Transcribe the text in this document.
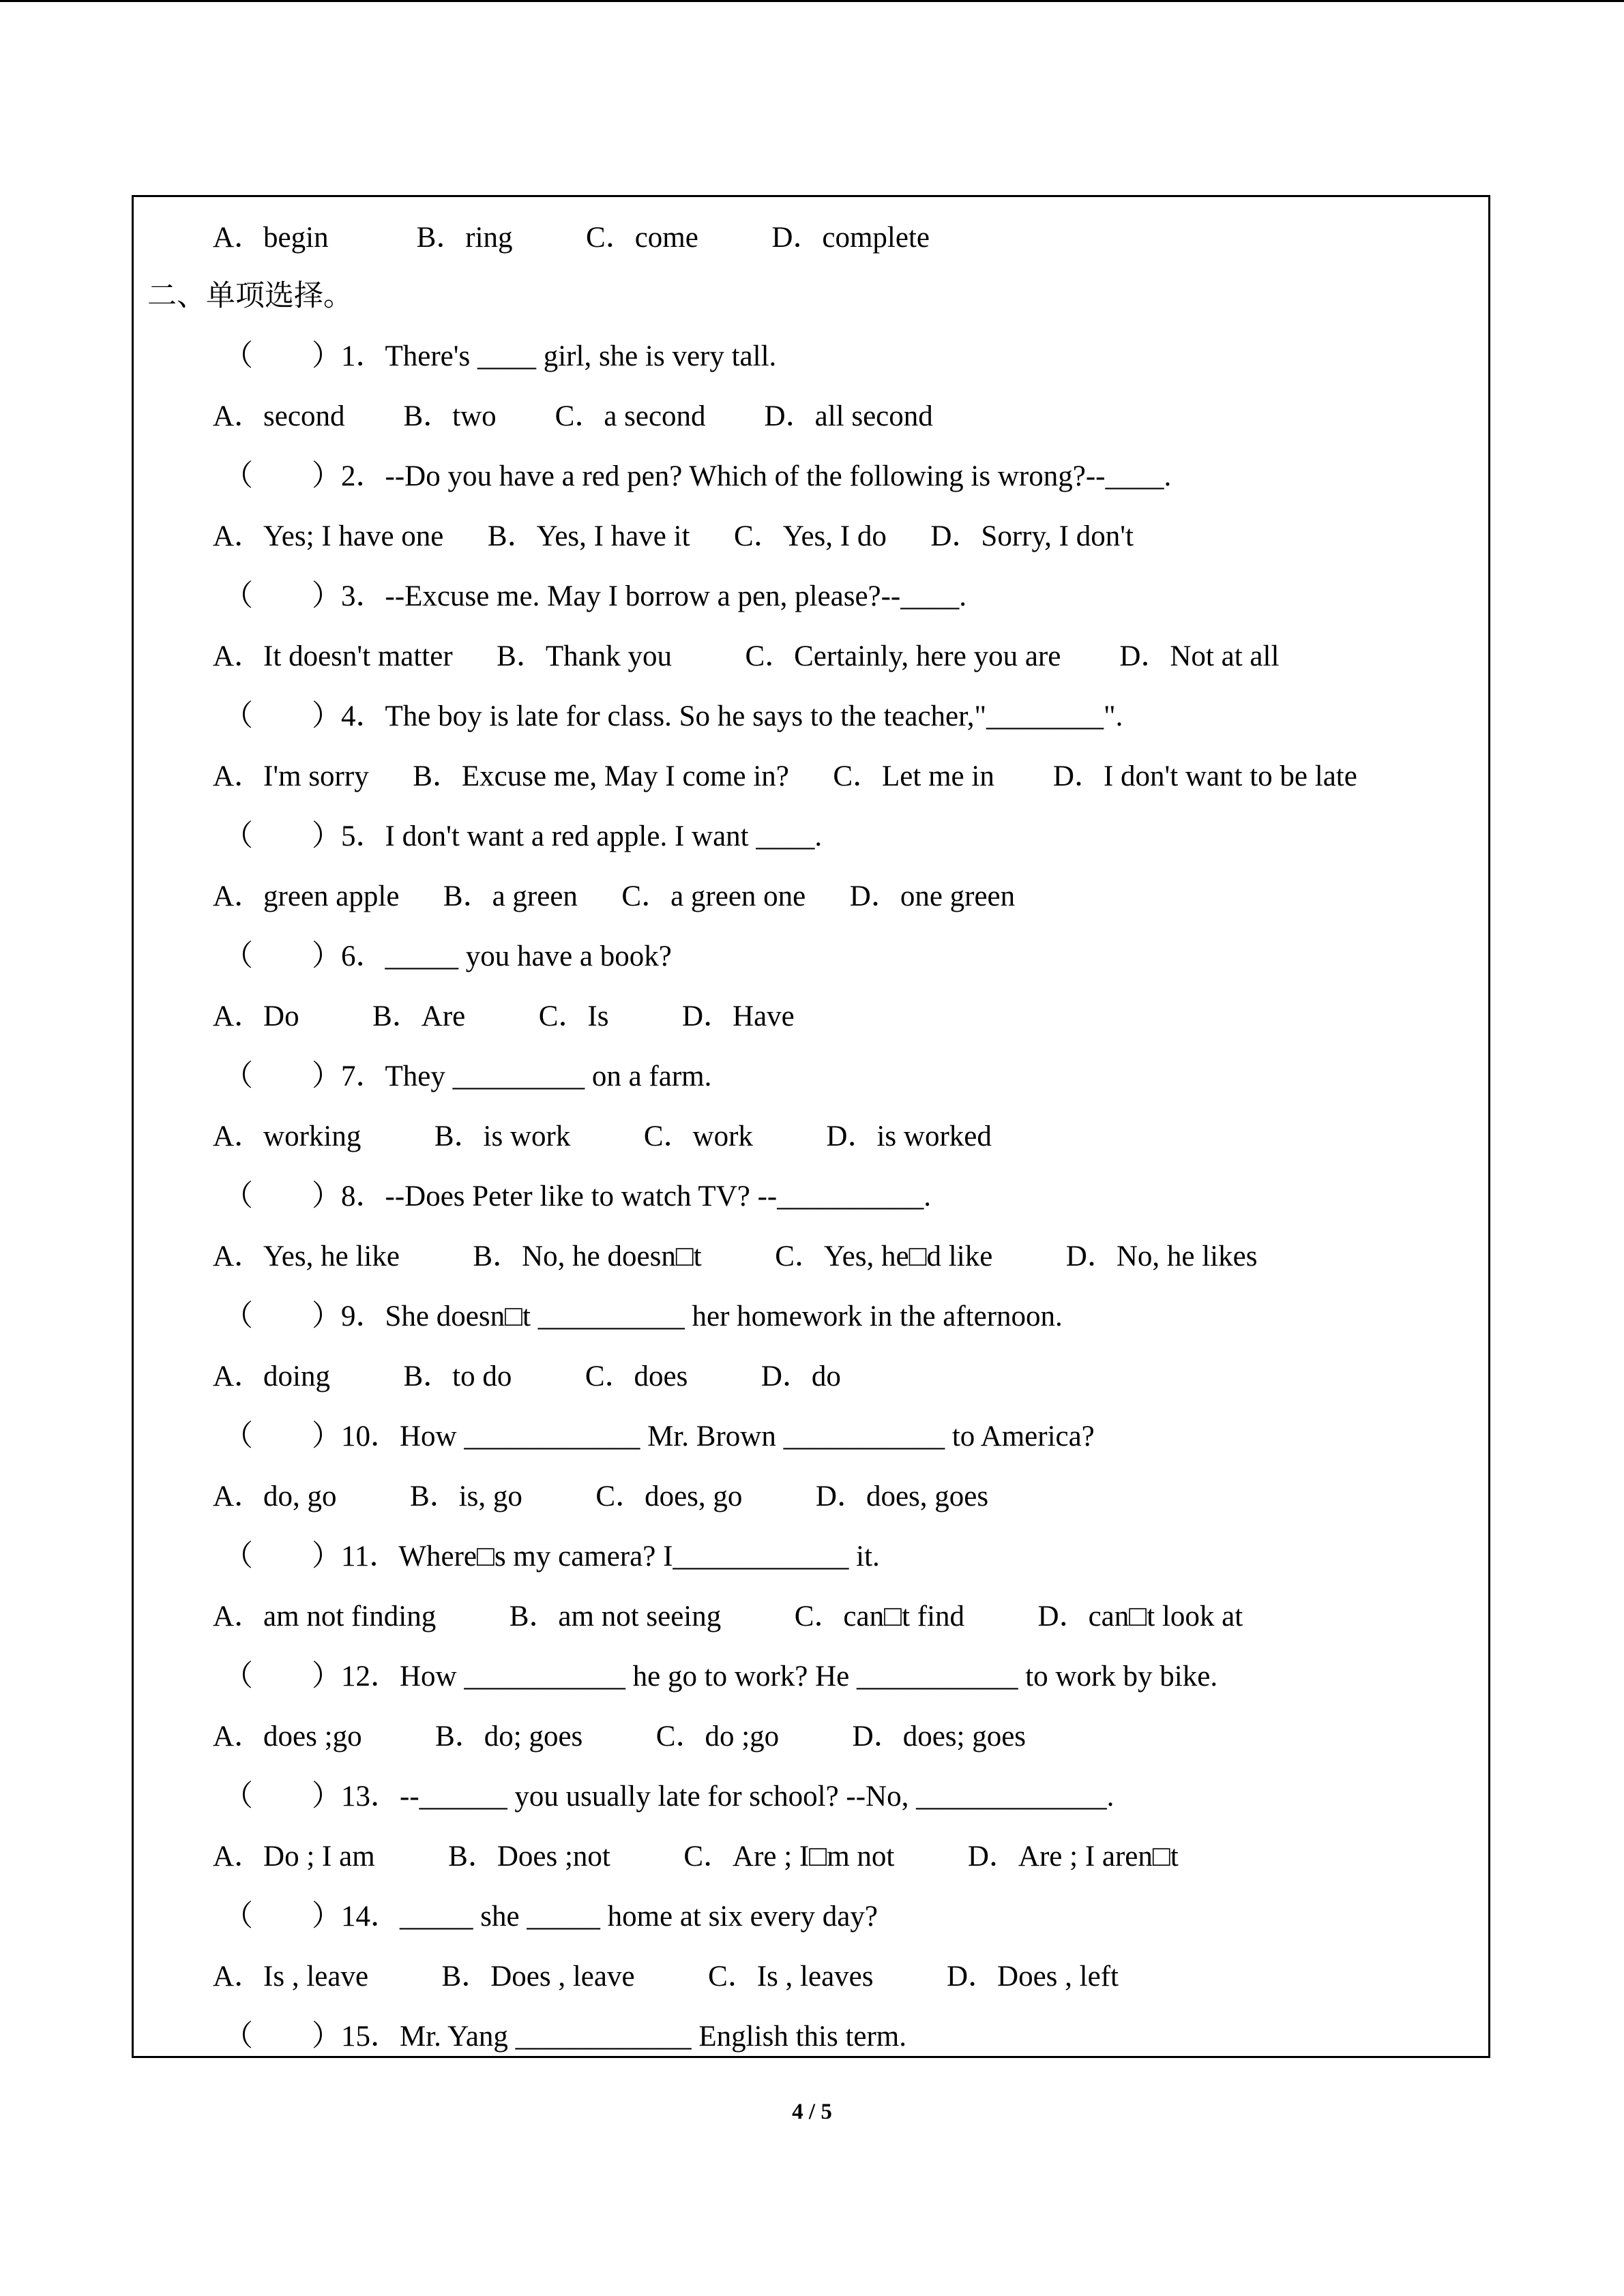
A．begin            B．ring          C．come          D．complete
二、单项选择。
（        ）1．There's ____ girl, she is very tall.
A．second        B．two        C．a second        D．all second
（        ）2．--Do you have a red pen? Which of the following is wrong?--____.
A．Yes; I have one      B．Yes, I have it      C．Yes, I do      D．Sorry, I don't
（        ）3．--Excuse me. May I borrow a pen, please?--____.
A．It doesn't matter      B．Thank you          C．Certainly, here you are        D．Not at all
（        ）4．The boy is late for class. So he says to the teacher,"________".
A．I'm sorry      B．Excuse me, May I come in?      C．Let me in        D．I don't want to be late
（        ）5．I don't want a red apple. I want ____.
A．green apple      B．a green      C．a green one      D．one green
（        ）6．_____ you have a book?
A．Do          B．Are          C．Is          D．Have
（        ）7．They _________ on a farm.
A．working          B．is work          C．work          D．is worked
（        ）8．--Does Peter like to watch TV? --__________.
A．Yes, he like          B．No, he doesn□t          C．Yes, he□d like          D．No, he likes
（        ）9．She doesn□t __________ her homework in the afternoon.
A．doing          B．to do          C．does          D．do
（        ）10．How ____________ Mr. Brown ___________ to America?
A．do, go          B．is, go          C．does, go          D．does, goes
（        ）11．Where□s my camera? I____________ it.
A．am not finding          B．am not seeing          C．can□t find          D．can□t look at
（        ）12．How ___________ he go to work? He ___________ to work by bike.
A．does ;go          B．do; goes          C．do ;go          D．does; goes
（        ）13．--______ you usually late for school? --No, _____________.
A．Do ; I am          B．Does ;not          C．Are ; I□m not          D．Are ; I aren□t
（        ）14．_____ she _____ home at six every day?
A．Is , leave          B．Does , leave          C．Is , leaves          D．Does , left
（        ）15．Mr. Yang ____________ English this term.
4 / 5
